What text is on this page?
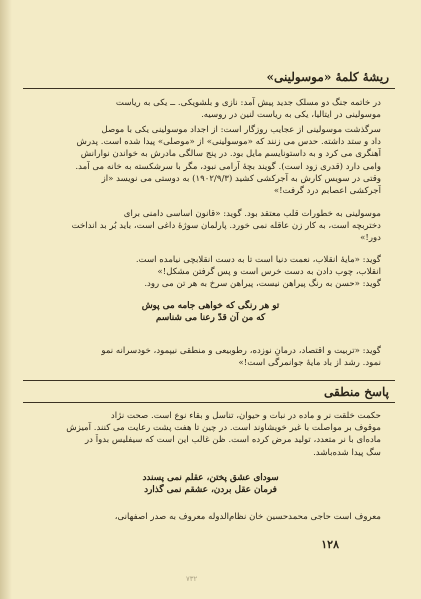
ریشهٔ کلمهٔ «موسولینی»
در خاتمه جنگ دو مسلک جدید پیش آمد: نازی و بلشویکی. ــ یکی به ریاست
موسولینی در ایتالیا، یکی به ریاست لنین در روسیه.
سرگذشت موسولینی از عجایب روزگار است: از اجداد موسولینی یکی با موصل
داد و ستد داشته. حدس می زنند که «موسولینی» از «موصلی» پیدا شده است. پدرش
آهنگری می کرد و به داستونایسم مایل بود. در پنج سالگی مادرش به خواندن نوارانش
وامی دارد (قدری زود است). گویند بچهٔ آرامی نبود، مگر با سرشکسته به خانه می آمد.
وقتی در سویس کارش به آجرکشی کشید (۱۹۰۲/۹/۳) به دوستی می نویسد «از
آجرکشی اعصابم درد گرفت!»
موسولینی به خطورات قلب معتقد بود. گوید: «قانون اساسی دامنی برای
دختربچه است، به کار زن عاقله نمی خورد. پارلمان سوژهٔ داغی است، باید بُر بد انداخت
دور!»
گوید: «مایهٔ انقلاب، نعمت دنیا است تا به دست انقلابچی نیامده است.
انقلاب، چوب دادن به دست خرس است و پس گرفتن مشکل!»
گوید: «حسن به رنگ پیراهن نیست، پیراهن سرخ به هر تن می رود.
تو هر رنگی که خواهی جامه می پوش
که من آن قدّ رعنا می شناسم
گوید: «تربیت و اقتصاد، درمانِ نوزده، رطوبیعی و منطقی نیپمود، خودسرانه نمو
نمود. رشد از باد مایهٔ جوانمرگی است!»
پاسخ منطقی
حکمت خلقت نر و ماده در نبات و حیوان، تناسل و بقاء نوع است. صحت نژاد
موقوف بر مواصلت با غیر خویشاوند است. در چین تا هفت پشت رعایت می کنند. آمیزش
ماده‌ای با نر متعدد، تولید مرض کرده است. ظن غالب این است که سیفلیس بدواً در
سگ پیدا شده‌باشد.
سودای عشق پختن، عقلم نمی پسندد
فرمان عقل بردن، عشقم نمی گذارد
معروف است حاجی محمدحسین خان نظام‌الدوله معروف به صدر اصفهانی،
۱۲۸
۷۳۲
